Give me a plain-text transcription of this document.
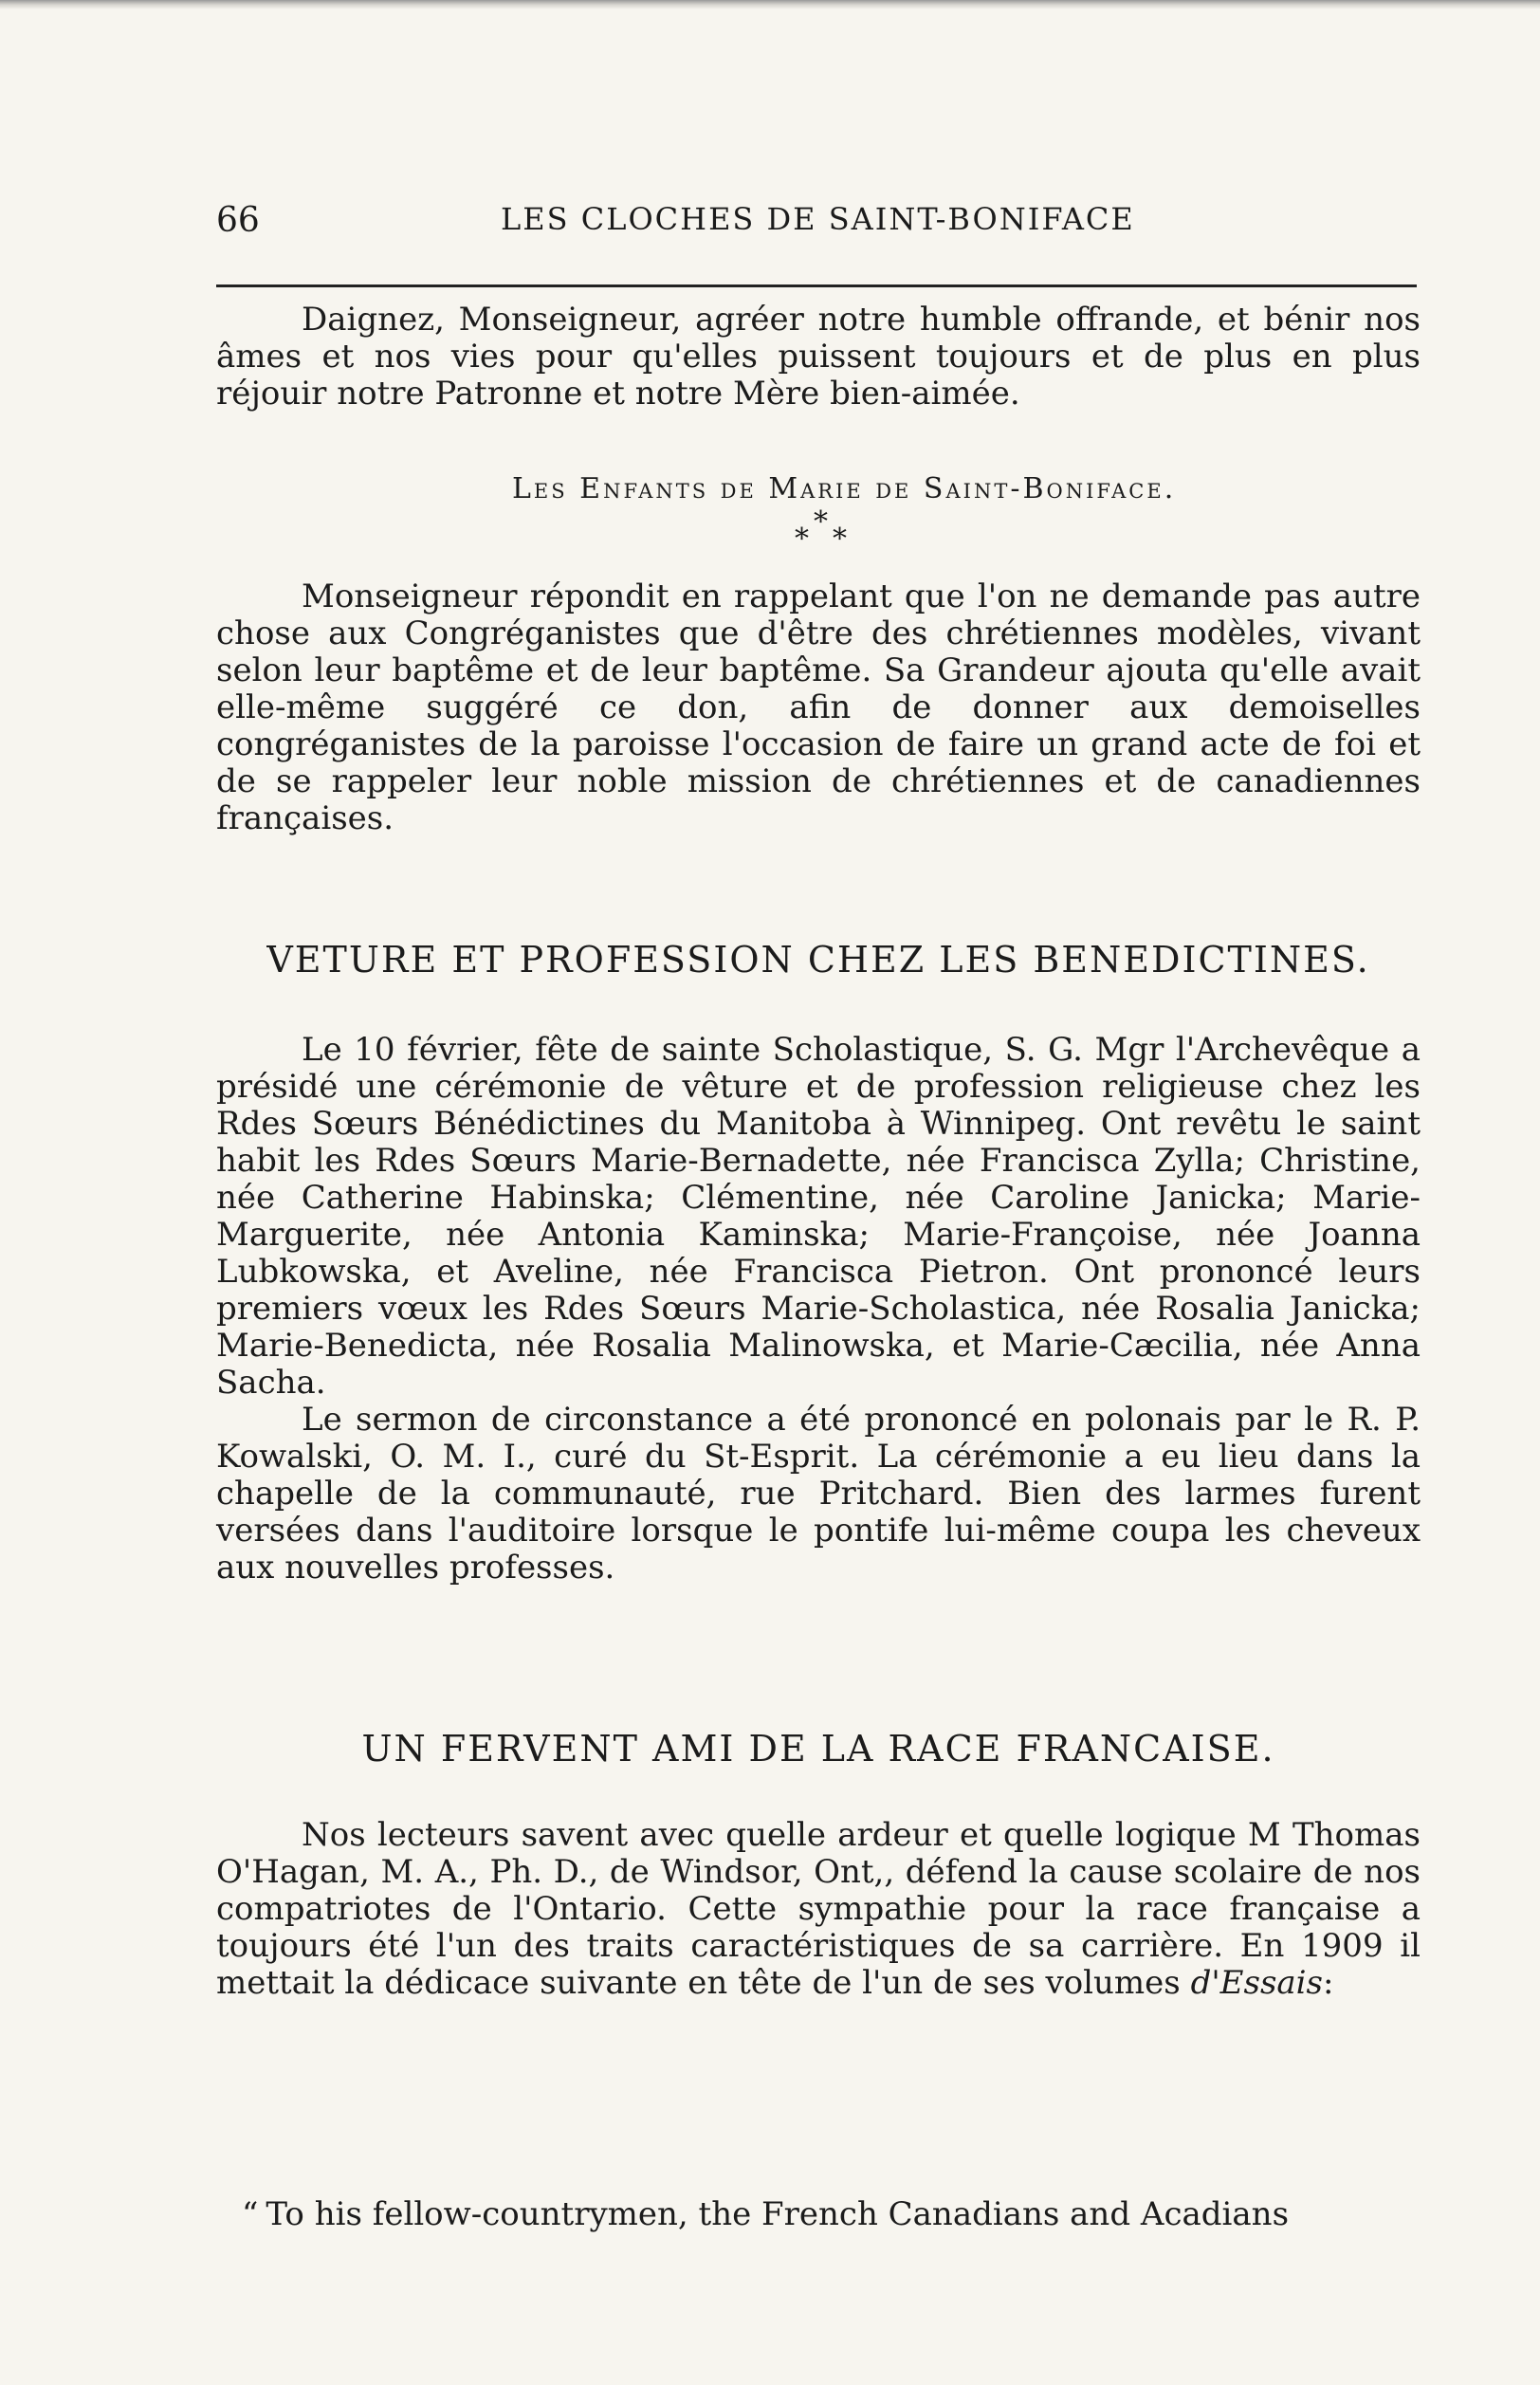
66	LES CLOCHES DE SAINT-BONIFACE

Daignez, Monseigneur, agréer notre humble offrande, et bénir nos âmes et nos vies pour qu'elles puissent toujours et de plus en plus réjouir notre Patronne et notre Mère bien-aimée.

Les Enfants de Marie de Saint-Boniface.
*
* *

Monseigneur répondit en rappelant que l'on ne demande pas autre chose aux Congréganistes que d'être des chrétiennes modèles, vivant selon leur baptême et de leur baptême. Sa Grandeur ajouta qu'elle avait elle-même suggéré ce don, afin de donner aux demoiselles congréganistes de la paroisse l'occasion de faire un grand acte de foi et de se rappeler leur noble mission de chrétiennes et de canadiennes françaises.

VETURE ET PROFESSION CHEZ LES BENEDICTINES.

Le 10 février, fête de sainte Scholastique, S. G. Mgr l'Archevêque a présidé une cérémonie de vêture et de profession religieuse chez les Rdes Sœurs Bénédictines du Manitoba à Winnipeg. Ont revêtu le saint habit les Rdes Sœurs Marie-Bernadette, née Francisca Zylla; Christine, née Catherine Habinska; Clémentine, née Caroline Janicka; Marie-Marguerite, née Antonia Kaminska; Marie-Françoise, née Joanna Lubkowska, et Aveline, née Francisca Pietron. Ont prononcé leurs premiers vœux les Rdes Sœurs Marie-Scholastica, née Rosalia Janicka; Marie-Benedicta, née Rosalia Malinowska, et Marie-Cæcilia, née Anna Sacha.

Le sermon de circonstance a été prononcé en polonais par le R. P. Kowalski, O. M. I., curé du St-Esprit. La cérémonie a eu lieu dans la chapelle de la communauté, rue Pritchard. Bien des larmes furent versées dans l'auditoire lorsque le pontife lui-même coupa les cheveux aux nouvelles professes.

UN FERVENT AMI DE LA RACE FRANCAISE.

Nos lecteurs savent avec quelle ardeur et quelle logique M Thomas O'Hagan, M. A., Ph. D., de Windsor, Ont,, défend la cause scolaire de nos compatriotes de l'Ontario. Cette sympathie pour la race française a toujours été l'un des traits caractéristiques de sa carrière. En 1909 il mettait la dédicace suivante en tête de l'un de ses volumes d'Essais:

“ To his fellow-countrymen, the French Canadians and Acadians
